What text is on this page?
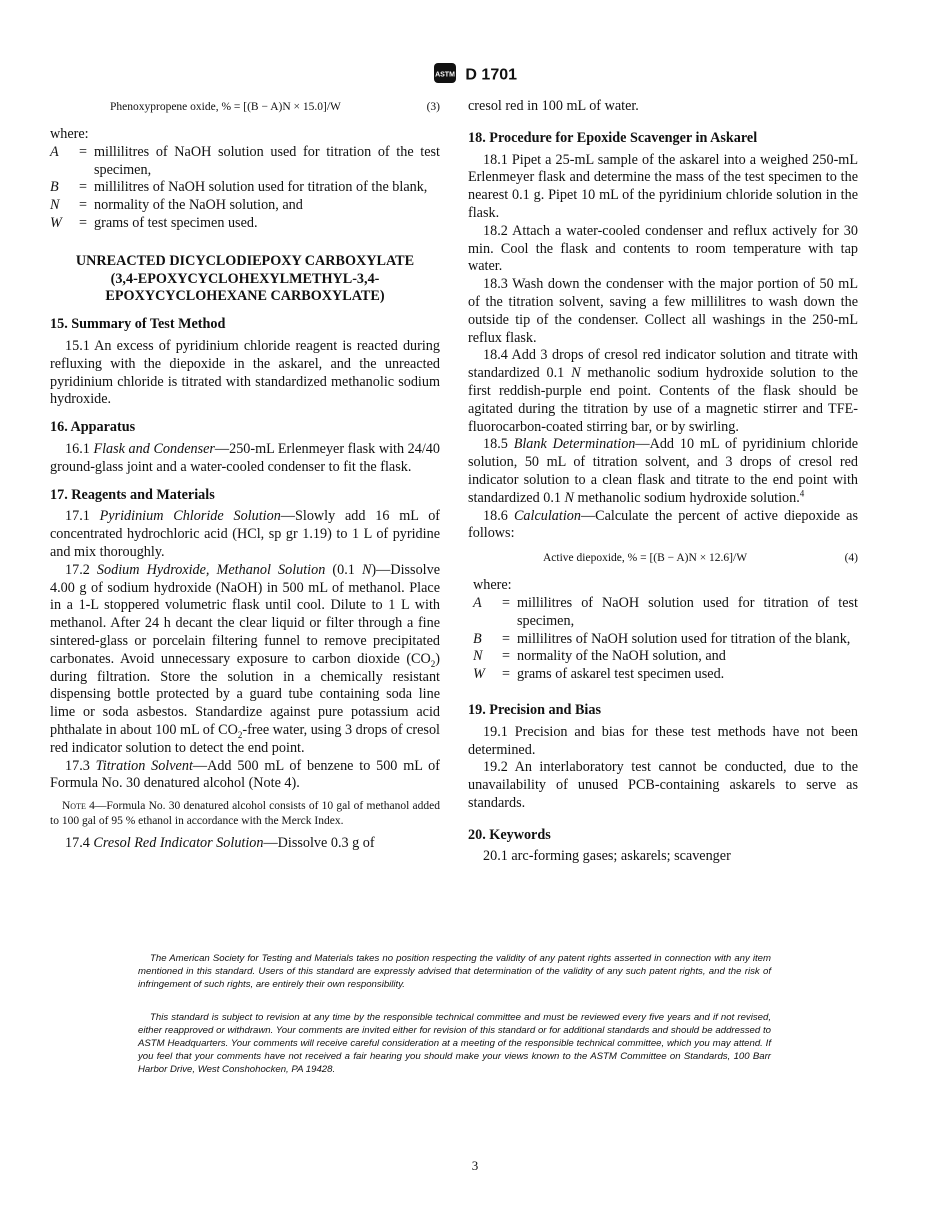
ASTM D 1701
Phenoxypropene oxide, % = [(B − A)N × 15.0]/W	(3)
where:
A	=	millilitres of NaOH solution used for titration of the test specimen,
B	=	millilitres of NaOH solution used for titration of the blank,
N	=	normality of the NaOH solution, and
W	=	grams of test specimen used.
UNREACTED DICYCLODIEPOXY CARBOXYLATE (3,4-EPOXYCYCLOHEXYLMETHYL-3,4-EPOXYCYCLOHEXANE CARBOXYLATE)
15. Summary of Test Method

15.1 An excess of pyridinium chloride reagent is reacted during refluxing with the diepoxide in the askarel, and the unreacted pyridinium chloride is titrated with standardized methanolic sodium hydroxide.

16. Apparatus

16.1 Flask and Condenser—250-mL Erlenmeyer flask with 24/40 ground-glass joint and a water-cooled condenser to fit the flask.

17. Reagents and Materials

17.1 Pyridinium Chloride Solution—Slowly add 16 mL of concentrated hydrochloric acid (HCl, sp gr 1.19) to 1 L of pyridine and mix thoroughly.

17.2 Sodium Hydroxide, Methanol Solution (0.1 N)—Dissolve 4.00 g of sodium hydroxide (NaOH) in 500 mL of methanol. Place in a 1-L stoppered volumetric flask until cool. Dilute to 1 L with methanol. After 24 h decant the clear liquid or filter through a fine sintered-glass or porcelain filtering funnel to remove precipitated carbonates. Avoid unnecessary exposure to carbon dioxide $(CO_2)$ during filtration. Store the solution in a chemically resistant dispensing bottle protected by a guard tube containing soda line lime or soda asbestos. Standardize against pure potassium acid phthalate in about 100 mL of $CO_2$-free water, using 3 drops of cresol red indicator solution to detect the end point.

17.3 Titration Solvent—Add 500 mL of benzene to 500 mL of Formula No. 30 denatured alcohol (Note 4).

Note 4—Formula No. 30 denatured alcohol consists of 10 gal of methanol added to 100 gal of 95 % ethanol in accordance with the Merck Index.

17.4 Cresol Red Indicator Solution—Dissolve 0.3 g of

cresol red in 100 mL of water.

18. Procedure for Epoxide Scavenger in Askarel

18.1 Pipet a 25-mL sample of the askarel into a weighed 250-mL Erlenmeyer flask and determine the mass of the test specimen to the nearest 0.1 g. Pipet 10 mL of the pyridinium chloride solution in the flask.

18.2 Attach a water-cooled condenser and reflux actively for 30 min. Cool the flask and contents to room temperature with tap water.

18.3 Wash down the condenser with the major portion of 50 mL of the titration solvent, saving a few millilitres to wash down the outside tip of the condenser. Collect all washings in the 250-mL reflux flask.

18.4 Add 3 drops of cresol red indicator solution and titrate with standardized 0.1 N methanolic sodium hydroxide solution to the first reddish-purple end point. Contents of the flask should be agitated during the titration by use of a magnetic stirrer and TFE-fluorocarbon-coated stirring bar, or by swirling.

18.5 Blank Determination—Add 10 mL of pyridinium chloride solution, 50 mL of titration solvent, and 3 drops of cresol red indicator solution to a clean flask and titrate to the end point with standardized 0.1 N methanolic sodium hydroxide solution.$^4$

18.6 Calculation—Calculate the percent of active diepoxide as follows:

Active diepoxide, % = [(B − A)N × 12.6]/W	(4)
where:
A	=	millilitres of NaOH solution used for titration of test specimen,
B	=	millilitres of NaOH solution used for titration of the blank,
N	=	normality of the NaOH solution, and
W	=	grams of askarel test specimen used.
19. Precision and Bias

19.1 Precision and bias for these test methods have not been determined.

19.2 An interlaboratory test cannot be conducted, due to the unavailability of unused PCB-containing askarels to serve as standards.

20. Keywords

20.1 arc-forming gases; askarels; scavenger

The American Society for Testing and Materials takes no position respecting the validity of any patent rights asserted in connection with any item mentioned in this standard. Users of this standard are expressly advised that determination of the validity of any such patent rights, and the risk of infringement of such rights, are entirely their own responsibility.

This standard is subject to revision at any time by the responsible technical committee and must be reviewed every five years and if not revised, either reapproved or withdrawn. Your comments are invited either for revision of this standard or for additional standards and should be addressed to ASTM Headquarters. Your comments will receive careful consideration at a meeting of the responsible technical committee, which you may attend. If you feel that your comments have not received a fair hearing you should make your views known to the ASTM Committee on Standards, 100 Barr Harbor Drive, West Conshohocken, PA 19428.

3
